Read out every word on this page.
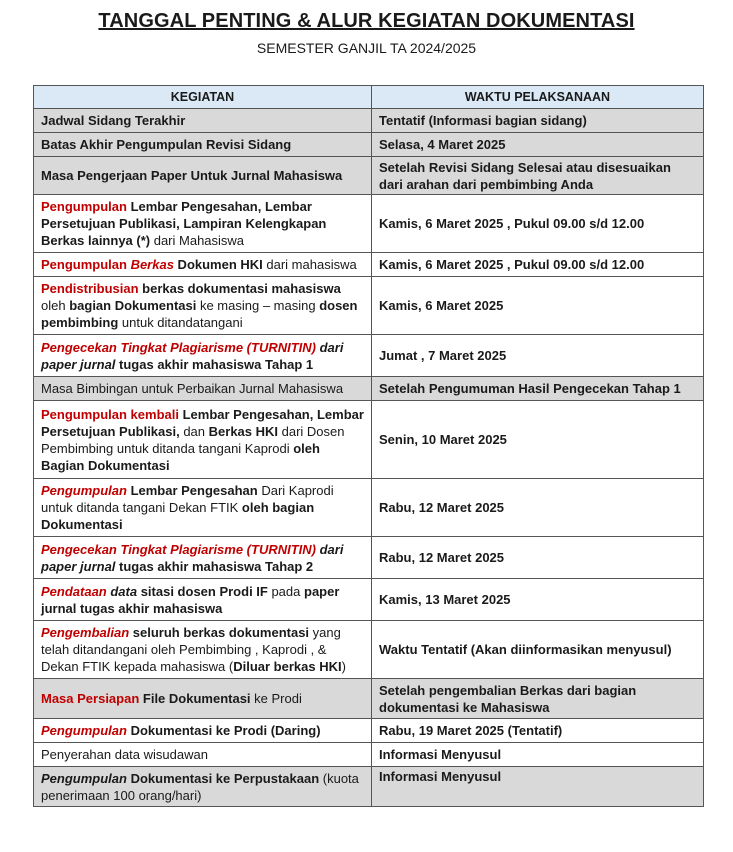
TANGGAL PENTING & ALUR KEGIATAN DOKUMENTASI
SEMESTER GANJIL TA 2024/2025
KEGIATAN	WAKTU PELAKSANAAN
Jadwal Sidang Terakhir	Tentatif (Informasi bagian sidang)
Batas Akhir Pengumpulan Revisi Sidang	Selasa, 4 Maret 2025
Masa Pengerjaan Paper Untuk Jurnal Mahasiswa	Setelah Revisi Sidang Selesai atau disesuaikan dari arahan dari pembimbing Anda
Pengumpulan Lembar Pengesahan, Lembar Persetujuan Publikasi, Lampiran Kelengkapan Berkas lainnya (*) dari Mahasiswa	Kamis, 6 Maret 2025 , Pukul 09.00 s/d 12.00
Pengumpulan Berkas Dokumen HKI dari mahasiswa	Kamis, 6 Maret 2025 , Pukul 09.00 s/d 12.00
Pendistribusian berkas dokumentasi mahasiswa oleh bagian Dokumentasi ke masing – masing dosen pembimbing untuk ditandatangani	Kamis, 6 Maret 2025
Pengecekan Tingkat Plagiarisme (TURNITIN) dari paper jurnal tugas akhir mahasiswa Tahap 1	Jumat , 7 Maret 2025
Masa Bimbingan untuk Perbaikan Jurnal Mahasiswa	Setelah Pengumuman Hasil Pengecekan Tahap 1
Pengumpulan kembali Lembar Pengesahan, Lembar Persetujuan Publikasi, dan Berkas HKI dari Dosen Pembimbing untuk ditanda tangani Kaprodi oleh Bagian Dokumentasi	Senin, 10 Maret 2025
Pengumpulan Lembar Pengesahan Dari Kaprodi untuk ditanda tangani Dekan FTIK oleh bagian Dokumentasi	Rabu, 12 Maret 2025
Pengecekan Tingkat Plagiarisme (TURNITIN) dari paper jurnal tugas akhir mahasiswa Tahap 2	Rabu, 12 Maret 2025
Pendataan data sitasi dosen Prodi IF pada paper jurnal tugas akhir mahasiswa	Kamis, 13 Maret 2025
Pengembalian seluruh berkas dokumentasi yang telah ditandangani oleh Pembimbing , Kaprodi , & Dekan FTIK kepada mahasiswa (Diluar berkas HKI)	Waktu Tentatif (Akan diinformasikan menyusul)
Masa Persiapan File Dokumentasi ke Prodi	Setelah pengembalian Berkas dari bagian dokumentasi ke Mahasiswa
Pengumpulan Dokumentasi ke Prodi (Daring)	Rabu, 19 Maret 2025 (Tentatif)
Penyerahan data wisudawan	Informasi Menyusul
Pengumpulan Dokumentasi ke Perpustakaan (kuota penerimaan 100 orang/hari)	Informasi Menyusul
